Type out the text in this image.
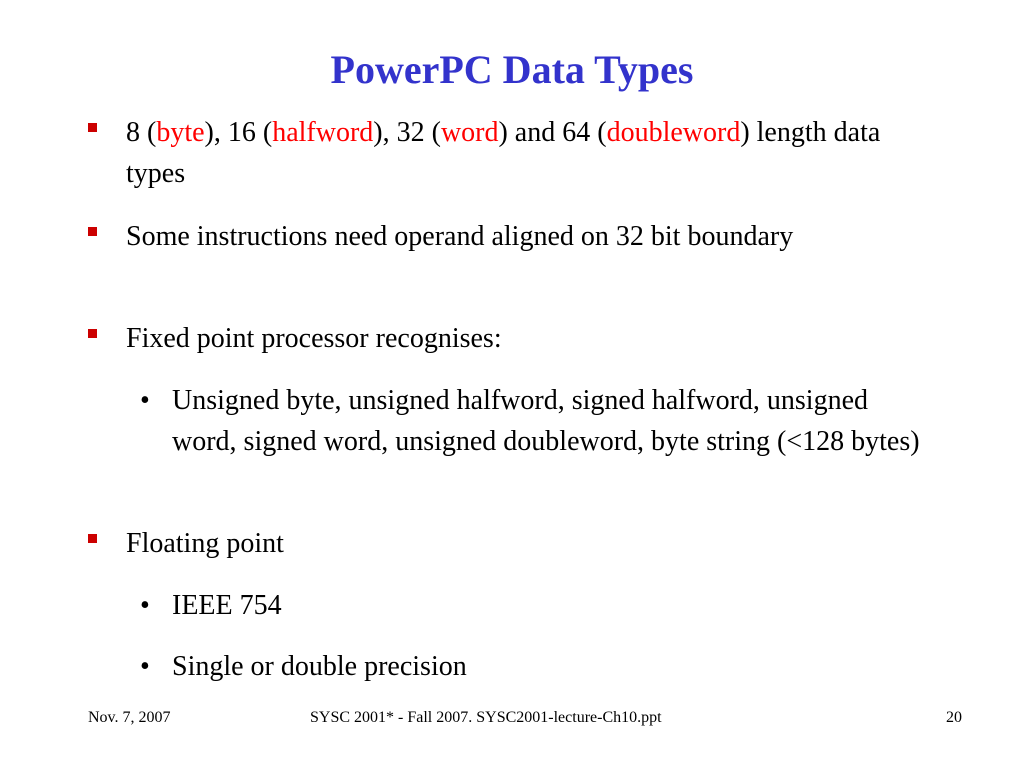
PowerPC Data Types
8 (byte), 16 (halfword), 32 (word) and 64 (doubleword) length data types
Some instructions need operand aligned on 32 bit boundary
Fixed point processor recognises:
• Unsigned byte, unsigned halfword, signed halfword, unsigned word, signed word, unsigned doubleword, byte string (<128 bytes)
Floating point
• IEEE 754
• Single or double precision
Nov. 7, 2007	SYSC 2001* - Fall 2007. SYSC2001-lecture-Ch10.ppt	20
